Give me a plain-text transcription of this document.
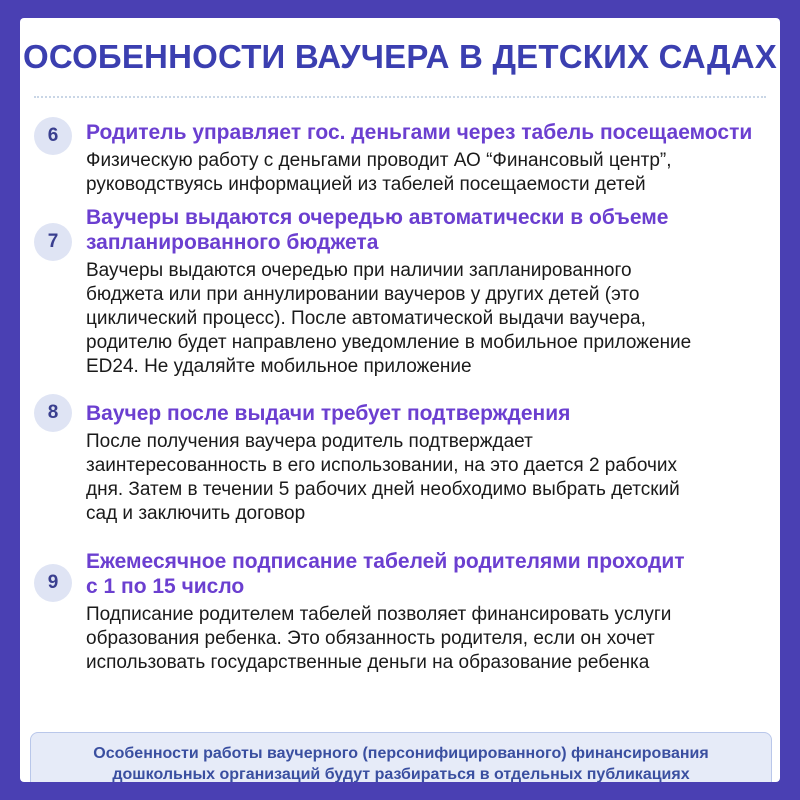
ОСОБЕННОСТИ ВАУЧЕРА В ДЕТСКИХ САДАХ
6	Родитель управляет гос. деньгами через табель посещаемости
Физическую работу с деньгами проводит АО “Финансовый центр”,
руководствуясь информацией из табелей посещаемости детей
7
Ваучеры выдаются очередью автоматически в объеме
запланированного бюджета
Ваучеры выдаются очередью при наличии запланированного
бюджета или при аннулировании ваучеров у других детей (это
циклический процесс). После автоматической выдачи ваучера,
родителю будет направлено уведомление в мобильное приложение
ED24. Не удаляйте мобильное приложение
8	Ваучер после выдачи требует подтверждения
После получения ваучера родитель подтверждает
заинтересованность в его использовании, на это дается 2 рабочих
дня. Затем в течении 5 рабочих дней необходимо выбрать детский
сад и заключить договор
9
Ежемесячное подписание табелей родителями проходит
с 1 по 15 число
Подписание родителем табелей позволяет финансировать услуги
образования ребенка. Это обязанность родителя, если он хочет
использовать государственные деньги на образование ребенка
Особенности работы ваучерного (персонифицированного) финансирования
дошкольных организаций будут разбираться в отдельных публикациях
